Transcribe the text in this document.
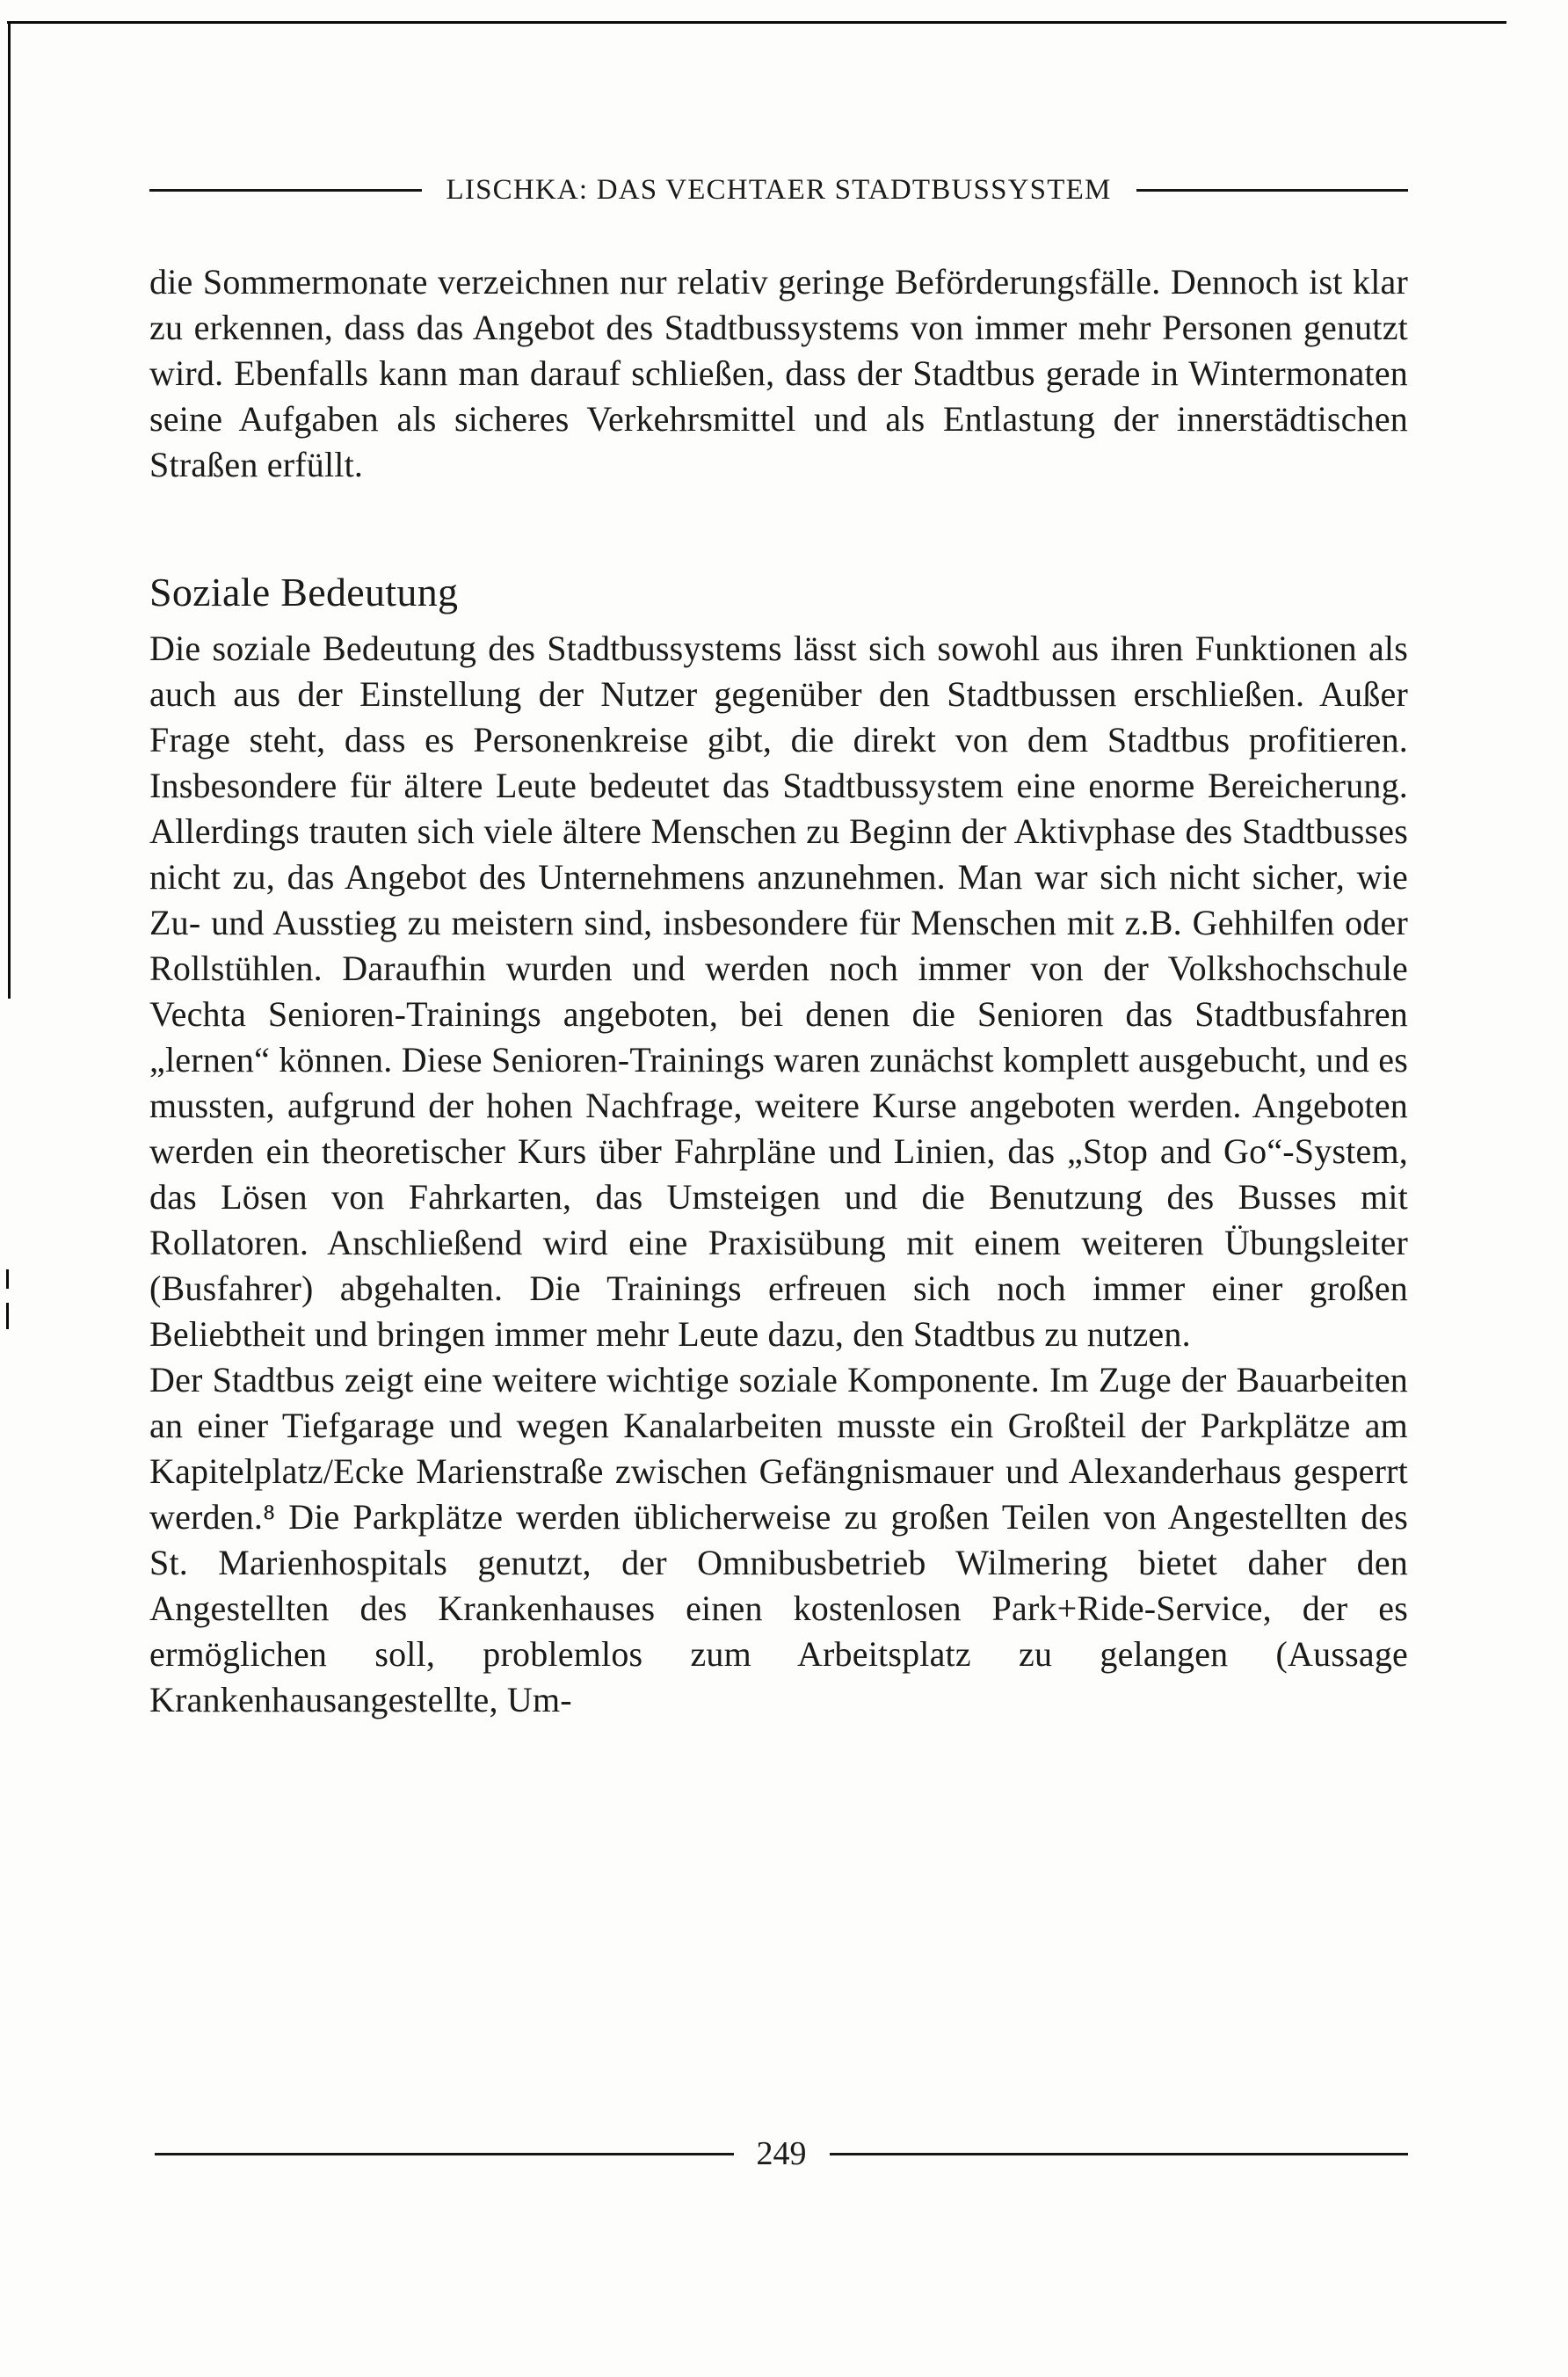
LISCHKA: DAS VECHTAER STADTBUSSYSTEM

die Sommermonate verzeichnen nur relativ geringe Beförderungsfälle. Dennoch ist klar zu erkennen, dass das Angebot des Stadtbussystems von immer mehr Personen genutzt wird. Ebenfalls kann man darauf schließen, dass der Stadtbus gerade in Wintermonaten seine Aufgaben als sicheres Verkehrsmittel und als Entlastung der innerstädtischen Straßen erfüllt.

Soziale Bedeutung

Die soziale Bedeutung des Stadtbussystems lässt sich sowohl aus ihren Funktionen als auch aus der Einstellung der Nutzer gegenüber den Stadtbussen erschließen. Außer Frage steht, dass es Personenkreise gibt, die direkt von dem Stadtbus profitieren. Insbesondere für ältere Leute bedeutet das Stadtbussystem eine enorme Bereicherung. Allerdings trauten sich viele ältere Menschen zu Beginn der Aktivphase des Stadtbusses nicht zu, das Angebot des Unternehmens anzunehmen. Man war sich nicht sicher, wie Zu- und Ausstieg zu meistern sind, insbesondere für Menschen mit z.B. Gehhilfen oder Rollstühlen. Daraufhin wurden und werden noch immer von der Volkshochschule Vechta Senioren-Trainings angeboten, bei denen die Senioren das Stadtbusfahren „lernen“ können. Diese Senioren-Trainings waren zunächst komplett ausgebucht, und es mussten, aufgrund der hohen Nachfrage, weitere Kurse angeboten werden. Angeboten werden ein theoretischer Kurs über Fahrpläne und Linien, das „Stop and Go“-System, das Lösen von Fahrkarten, das Umsteigen und die Benutzung des Busses mit Rollatoren. Anschließend wird eine Praxisübung mit einem weiteren Übungsleiter (Busfahrer) abgehalten. Die Trainings erfreuen sich noch immer einer großen Beliebtheit und bringen immer mehr Leute dazu, den Stadtbus zu nutzen.

Der Stadtbus zeigt eine weitere wichtige soziale Komponente. Im Zuge der Bauarbeiten an einer Tiefgarage und wegen Kanalarbeiten musste ein Großteil der Parkplätze am Kapitelplatz/Ecke Marienstraße zwischen Gefängnismauer und Alexanderhaus gesperrt werden.⁸ Die Parkplätze werden üblicherweise zu großen Teilen von Angestellten des St. Marienhospitals genutzt, der Omnibusbetrieb Wilmering bietet daher den Angestellten des Krankenhauses einen kostenlosen Park+Ride-Service, der es ermöglichen soll, problemlos zum Arbeitsplatz zu gelangen (Aussage Krankenhausangestellte, Um-

249
